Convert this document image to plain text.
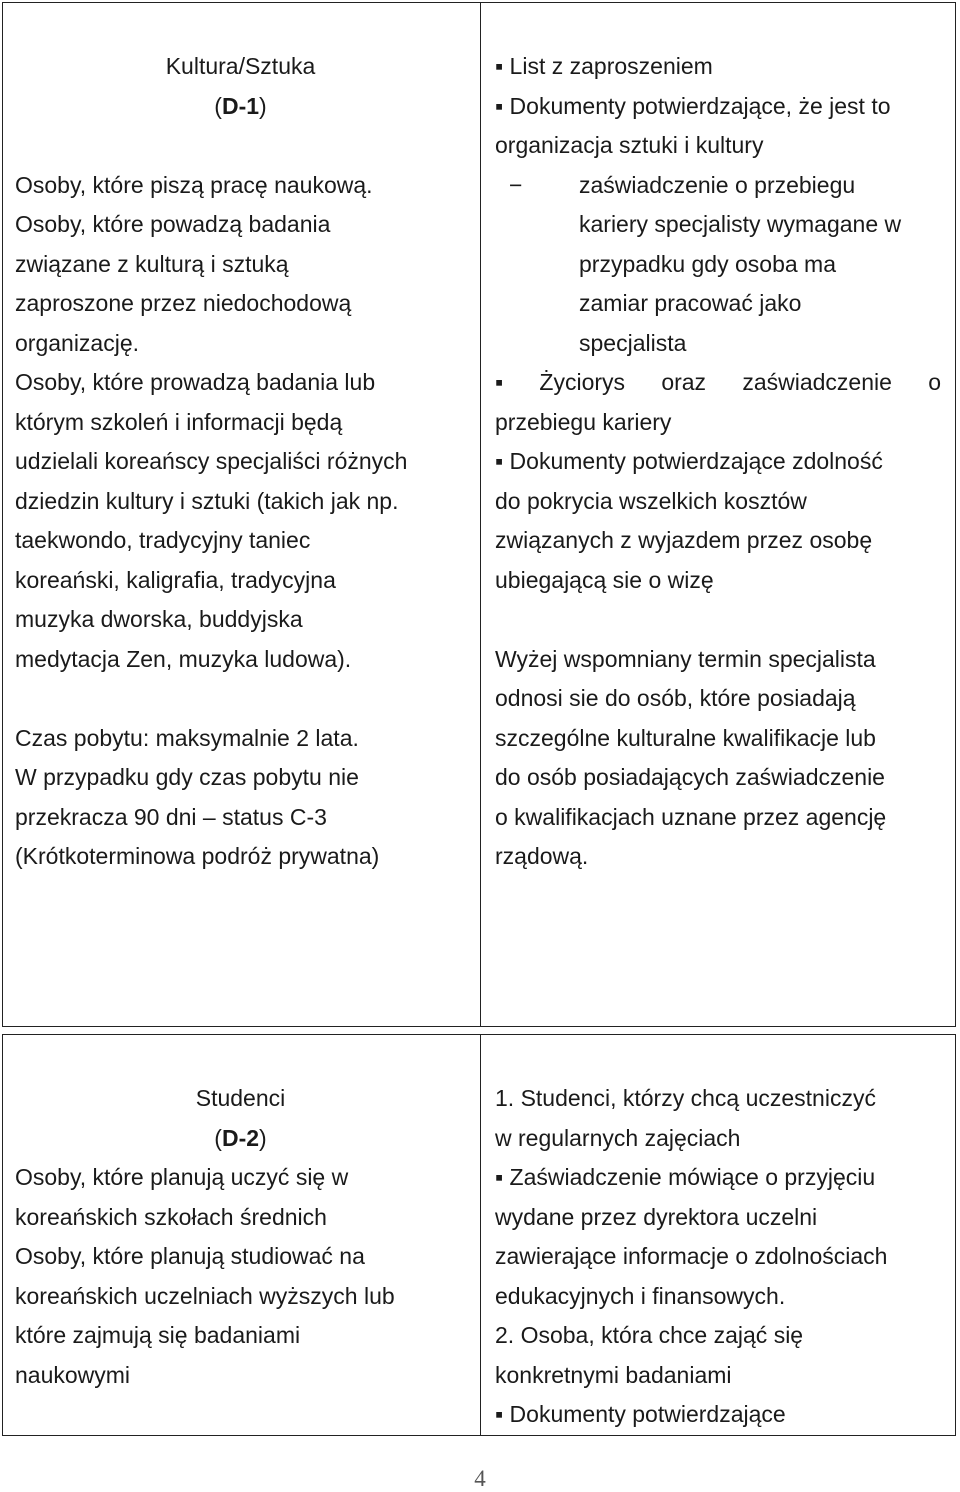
Kultura/Sztuka
(D-1)
Osoby, które piszą pracę naukową.
Osoby, które powadzą badania
związane z kulturą i sztuką
zaproszone przez niedochodową
organizację.
Osoby, które prowadzą badania lub
którym szkoleń i informacji będą
udzielali koreańscy specjaliści różnych
dziedzin kultury i sztuki (takich jak np.
taekwondo, tradycyjny taniec
koreański, kaligrafia, tradycyjna
muzyka dworska, buddyjska
medytacja Zen, muzyka ludowa).
Czas pobytu: maksymalnie 2 lata.
W przypadku gdy czas pobytu nie
przekracza 90 dni – status C-3
(Krótkoterminowa podróż prywatna)

▪ List z zaproszeniem
▪ Dokumenty potwierdzające, że jest to
organizacja sztuki i kultury
− zaświadczenie o przebiegu
kariery specjalisty wymagane w
przypadku gdy osoba ma
zamiar pracować jako
specjalista
▪ Życiorys oraz zaświadczenie o
przebiegu kariery
▪ Dokumenty potwierdzające zdolność
do pokrycia wszelkich kosztów
związanych z wyjazdem przez osobę
ubiegającą sie o wizę
Wyżej wspomniany termin specjalista
odnosi sie do osób, które posiadają
szczególne kulturalne kwalifikacje lub
do osób posiadających zaświadczenie
o kwalifikacjach uznane przez agencję
rządową.
Studenci
(D-2)
Osoby, które planują uczyć się w
koreańskich szkołach średnich
Osoby, które planują studiować na
koreańskich uczelniach wyższych lub
które zajmują się badaniami
naukowymi

1. Studenci, którzy chcą uczestniczyć
w regularnych zajęciach
▪ Zaświadczenie mówiące o przyjęciu
wydane przez dyrektora uczelni
zawierające informacje o zdolnościach
edukacyjnych i finansowych.
2. Osoba, która chce zająć się
konkretnymi badaniami
▪ Dokumenty potwierdzające
4
